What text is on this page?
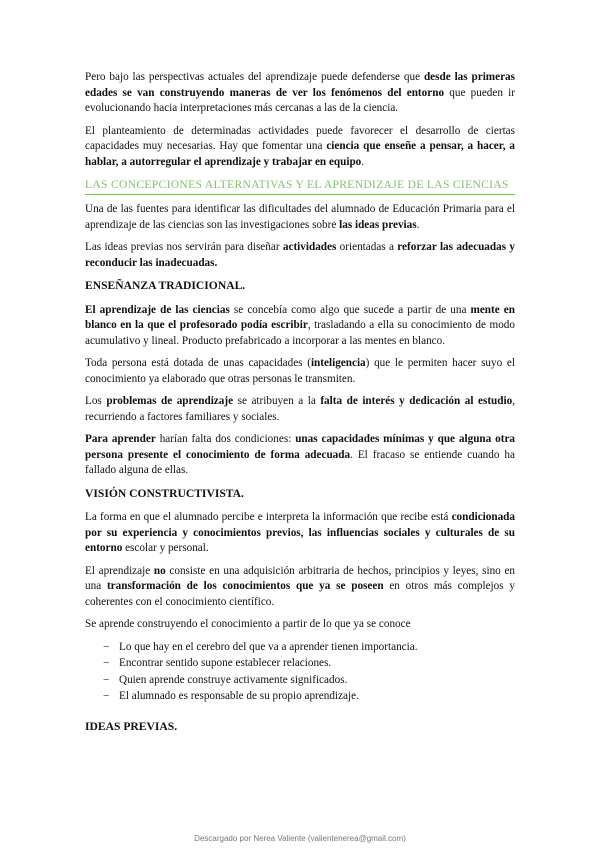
Pero bajo las perspectivas actuales del aprendizaje puede defenderse que desde las primeras edades se van construyendo maneras de ver los fenómenos del entorno que pueden ir evolucionando hacia interpretaciones más cercanas a las de la ciencia.

El planteamiento de determinadas actividades puede favorecer el desarrollo de ciertas capacidades muy necesarias. Hay que fomentar una ciencia que enseñe a pensar, a hacer, a hablar, a autorregular el aprendizaje y trabajar en equipo.

LAS CONCEPCIONES ALTERNATIVAS Y EL APRENDIZAJE DE LAS CIENCIAS

Una de las fuentes para identificar las dificultades del alumnado de Educación Primaria para el aprendizaje de las ciencias son las investigaciones sobre las ideas previas.

Las ideas previas nos servirán para diseñar actividades orientadas a reforzar las adecuadas y reconducir las inadecuadas.

ENSEÑANZA TRADICIONAL.

El aprendizaje de las ciencias se concebía como algo que sucede a partir de una mente en blanco en la que el profesorado podía escribir, trasladando a ella su conocimiento de modo acumulativo y lineal. Producto prefabricado a incorporar a las mentes en blanco.

Toda persona está dotada de unas capacidades (inteligencia) que le permiten hacer suyo el conocimiento ya elaborado que otras personas le transmiten.

Los problemas de aprendizaje se atribuyen a la falta de interés y dedicación al estudio, recurriendo a factores familiares y sociales.

Para aprender harían falta dos condiciones: unas capacidades mínimas y que alguna otra persona presente el conocimiento de forma adecuada. El fracaso se entiende cuando ha fallado alguna de ellas.

VISIÓN CONSTRUCTIVISTA.

La forma en que el alumnado percibe e interpreta la información que recibe está condicionada por su experiencia y conocimientos previos, las influencias sociales y culturales de su entorno escolar y personal.

El aprendizaje no consiste en una adquisición arbitraria de hechos, principios y leyes, sino en una transformación de los conocimientos que ya se poseen en otros más complejos y coherentes con el conocimiento científico.

Se aprende construyendo el conocimiento a partir de lo que ya se conoce

− Lo que hay en el cerebro del que va a aprender tienen importancia.
− Encontrar sentido supone establecer relaciones.
− Quien aprende construye activamente significados.
− El alumnado es responsable de su propio aprendizaje.
IDEAS PREVIAS.
Descargado por Nerea Valiente (valientenerea@gmail.com)
